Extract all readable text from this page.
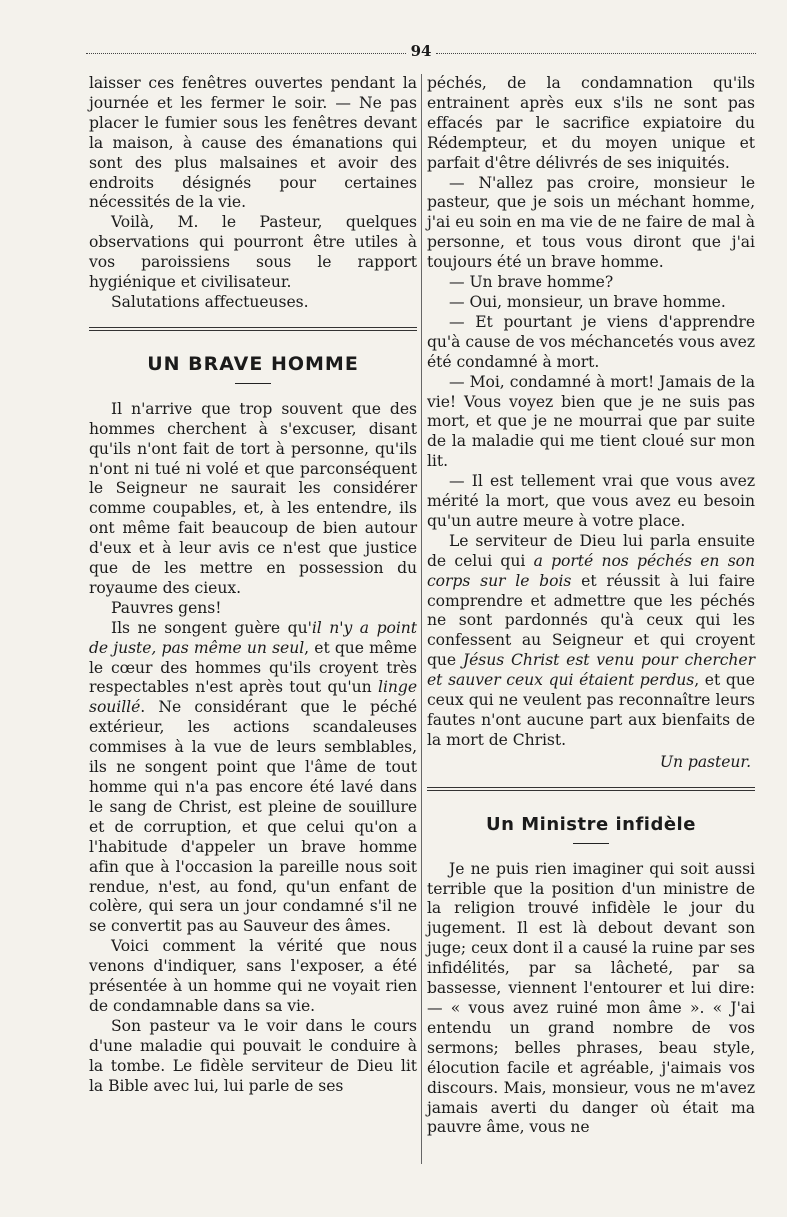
94

laisser ces fenêtres ouvertes pendant la journée et les fermer le soir. — Ne pas placer le fumier sous les fenêtres devant la maison, à cause des émanations qui sont des plus malsaines et avoir des endroits désignés pour certaines nécessités de la vie.

Voilà, M. le Pasteur, quelques observations qui pourront être utiles à vos paroissiens sous le rapport hygiénique et civilisateur.

Salutations affectueuses.

UN BRAVE HOMME

Il n'arrive que trop souvent que des hommes cherchent à s'excuser, disant qu'ils n'ont fait de tort à personne, qu'ils n'ont ni tué ni volé et que parconséquent le Seigneur ne saurait les considérer comme coupables, et, à les entendre, ils ont même fait beaucoup de bien autour d'eux et à leur avis ce n'est que justice que de les mettre en possession du royaume des cieux.

Pauvres gens!

Ils ne songent guère qu'il n'y a point de juste, pas même un seul, et que même le cœur des hommes qu'ils croyent très respectables n'est après tout qu'un linge souillé. Ne considérant que le péché extérieur, les actions scandaleuses commises à la vue de leurs semblables, ils ne songent point que l'âme de tout homme qui n'a pas encore été lavé dans le sang de Christ, est pleine de souillure et de corruption, et que celui qu'on a l'habitude d'appeler un brave homme afin que à l'occasion la pareille nous soit rendue, n'est, au fond, qu'un enfant de colère, qui sera un jour condamné s'il ne se convertit pas au Sauveur des âmes.

Voici comment la vérité que nous venons d'indiquer, sans l'exposer, a été présentée à un homme qui ne voyait rien de condamnable dans sa vie.

Son pasteur va le voir dans le cours d'une maladie qui pouvait le conduire à la tombe. Le fidèle serviteur de Dieu lit la Bible avec lui, lui parle de ses

péchés, de la condamnation qu'ils entrainent après eux s'ils ne sont pas effacés par le sacrifice expiatoire du Rédempteur, et du moyen unique et parfait d'être délivrés de ses iniquités.

— N'allez pas croire, monsieur le pasteur, que je sois un méchant homme, j'ai eu soin en ma vie de ne faire de mal à personne, et tous vous diront que j'ai toujours été un brave homme.

— Un brave homme?

— Oui, monsieur, un brave homme.

— Et pourtant je viens d'apprendre qu'à cause de vos méchancetés vous avez été condamné à mort.

— Moi, condamné à mort! Jamais de la vie! Vous voyez bien que je ne suis pas mort, et que je ne mourrai que par suite de la maladie qui me tient cloué sur mon lit.

— Il est tellement vrai que vous avez mérité la mort, que vous avez eu besoin qu'un autre meure à votre place.

Le serviteur de Dieu lui parla ensuite de celui qui a porté nos péchés en son corps sur le bois et réussit à lui faire comprendre et admettre que les péchés ne sont pardonnés qu'à ceux qui les confessent au Seigneur et qui croyent que Jésus Christ est venu pour chercher et sauver ceux qui étaient perdus, et que ceux qui ne veulent pas reconnaître leurs fautes n'ont aucune part aux bienfaits de la mort de Christ.

Un pasteur.
Un Ministre infidèle

Je ne puis rien imaginer qui soit aussi terrible que la position d'un ministre de la religion trouvé infidèle le jour du jugement. Il est là debout devant son juge; ceux dont il a causé la ruine par ses infidélités, par sa lâcheté, par sa bassesse, viennent l'entourer et lui dire: — « vous avez ruiné mon âme ». « J'ai entendu un grand nombre de vos sermons; belles phrases, beau style, élocution facile et agréable, j'aimais vos discours. Mais, monsieur, vous ne m'avez jamais averti du danger où était ma pauvre âme, vous ne
